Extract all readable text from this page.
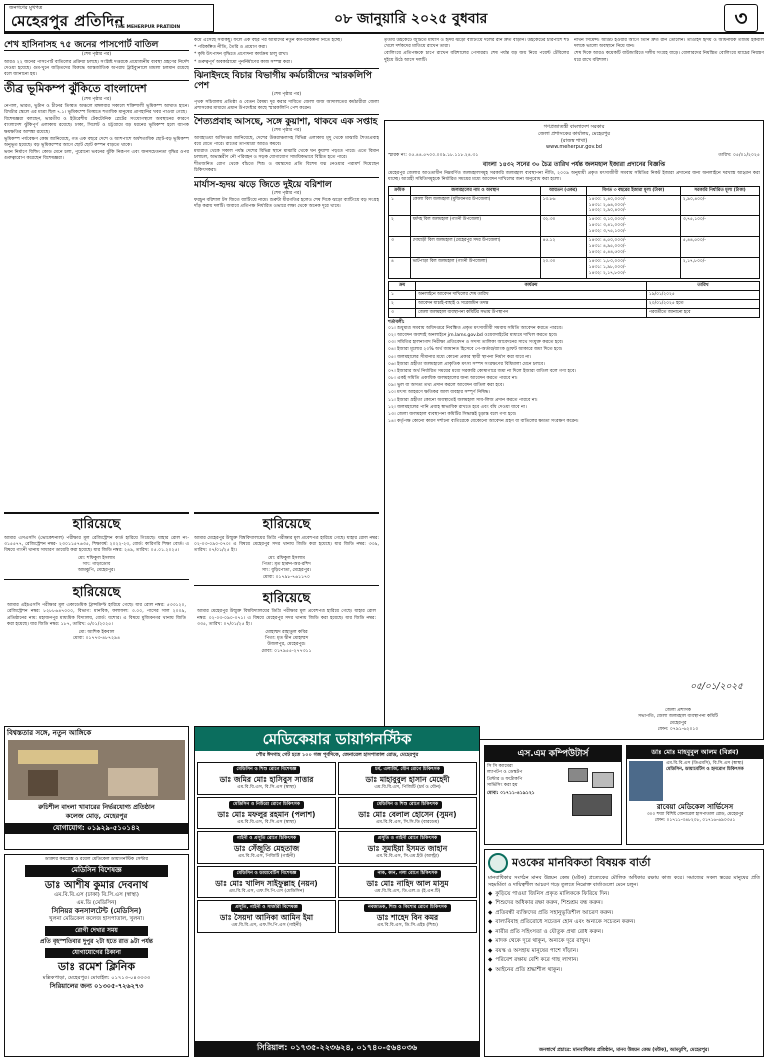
জনগণের মুখপত্র
মেহেরপুর প্রতিদিন
THE MEHERPUR PRATIDIN
০৮ জানুয়ারি ২০২৫ বুধবার	৩
শেখ হাসিনাসহ ৭৫ জনের পাসপোর্ট বাতিল
(শেষ পৃষ্ঠার পর)
আরও ২২ জনের পাসপোর্ট বাতিলের প্রক্রিয়া চলছে। সংশ্লিষ্ট দপ্তরকে প্রয়োজনীয় ব্যবস্থা গ্রহণের নির্দেশ দেওয়া হয়েছে। গুম-খুনে জড়িতদের বিরুদ্ধে আন্তর্জাতিক অপরাধ ট্রাইব্যুনালে মামলা চলমান রয়েছে বলে জানানো হয়।
তীব্র ভূমিকম্প ঝুঁকিতে বাংলাদেশ
(শেষ পৃষ্ঠার পর)
নেপাল, ভারত, ভুটান ও চীনের তিব্বত অঞ্চলে মঙ্গলবার সকালে শক্তিশালী ভূমিকম্প আঘাত হানে। রিখটার স্কেলে এর মাত্রা ছিল ৭.১। ভূমিকম্পে তিব্বতে শতাধিক মানুষের প্রাণহানির খবর পাওয়া গেছে।
বিশেষজ্ঞরা বলছেন, ভারতীয় ও ইউরেশীয় টেকটোনিক প্লেটের সংযোগস্থলে অবস্থানের কারণে বাংলাদেশ ঝুঁকিপূর্ণ এলাকায় রয়েছে। ঢাকা, সিলেট ও চট্টগ্রামে বড় ধরনের ভূমিকম্প হলে ব্যাপক ক্ষয়ক্ষতির আশঙ্কা রয়েছে।
ভূমিকম্প পর্যবেক্ষণ কেন্দ্র জানিয়েছে, গত এক বছরে দেশে ও আশপাশে অর্ধশতাধিক ছোট-বড় ভূমিকম্প অনুভূত হয়েছে। বড় ভূমিকম্পের আগে ছোট ছোট কম্পন বাড়তে থাকে।
ভবন নির্মাণে বিল্ডিং কোড মেনে চলা, পুরোনো ভবনের ঝুঁকি নিরূপণ এবং জনসচেতনতা বৃদ্ধির ওপর গুরুত্বারোপ করেছেন বিশেষজ্ঞরা।
কমে এসেছে সবকিছু। ফলে এক বছর পর আমাদের নতুন কর্মপরিকল্পনা নিতে হচ্ছে।
* পরিকল্পিত নীতি, তৈরি ও প্রয়োগ করা।
* কৃষি উৎপাদন বৃদ্ধিতে প্রণোদনা কার্যক্রম চালু রাখা।
* গুরুত্বপূর্ণ অবকাঠামো পুনর্নির্মাণের কাজ সম্পন্ন করা।
ঝিনাইদহে বিচার বিভাগীয় কর্মচারীদের স্মারকলিপি পেশ
(শেষ পৃষ্ঠার পর)
পৃথক সচিবালয় প্রতিষ্ঠা ও বেতন বৈষম্য দূর করার দাবিতে জেলা জজ আদালতের কর্মচারীরা জেলা প্রশাসকের মাধ্যমে প্রধান উপদেষ্টার কাছে স্মারকলিপি পেশ করেন।
শৈত্যপ্রবাহ আসছে, সঙ্গে কুয়াশা, থাকবে এক সপ্তাহ
(শেষ পৃষ্ঠার পর)
আবহাওয়া অধিদপ্তর জানিয়েছে, দেশের উত্তরাঞ্চলসহ বিভিন্ন এলাকায় মৃদু থেকে মাঝারি শৈত্যপ্রবাহ বয়ে যেতে পারে। রাতের তাপমাত্রা আরও কমবে।
মধ্যরাত থেকে সকাল পর্যন্ত দেশের বিভিন্ন স্থানে মাঝারি থেকে ঘন কুয়াশা পড়তে পারে। এতে বিমান চলাচল, অভ্যন্তরীণ নৌ পরিবহন ও সড়ক যোগাযোগ সাময়িকভাবে বিঘ্নিত হতে পারে।
শীতজনিত রোগ থেকে বাঁচতে শিশু ও বয়স্কদের প্রতি বিশেষ যত্ন নেওয়ার পরামর্শ দিয়েছেন চিকিৎসকরা।
মার্যাস-হৃদয় ঝড়ে জিতে দুইয়ে বরিশাল
(শেষ পৃষ্ঠার পর)
ফরচুন বরিশাল টস জিতে ব্যাটিংয়ে নামে। শুরুটা ধীরগতির হলেও শেষ দিকে ঝড়ো ব্যাটিংয়ে বড় সংগ্রহ দাঁড় করায় দলটি। জবাবে প্রতিপক্ষ নির্ধারিত ওভারে লক্ষ্য থেকে অনেক দূরে থামে।
তৃতীয় উইকেটে জুটিতে মার্যাস ও হৃদয় ঝড়ো ব্যাটিংয়ে দলের রান দ্রুত বাড়ান। উইকেটের চারপাশে শট খেলে দর্শকদের মাতিয়ে রাখেন তারা।
বোলিংয়ে প্রতিপক্ষকে চাপে রাখেন বরিশালের পেসাররা। শেষ পর্যন্ত বড় জয় নিয়ে পয়েন্ট টেবিলের দুইয়ে উঠে আসে দলটি।
নাথন সিমেন্স। আউট হওয়ার আগে তিনি দ্রুত রান তোলেন। তাওহিদ হৃদয় ও অধিনায়ক তামিম ইকবাল দলকে ভালো অবস্থানে নিয়ে যান।
শেষ দিকে আরও কয়েকটি বাউন্ডারিতে দলীয় সংগ্রহ বাড়ে। বোলারদের নিয়ন্ত্রিত বোলিংয়ে ম্যাচের নিয়ন্ত্রণ ধরে রাখে বরিশাল।
গণপ্রজাতন্ত্রী বাংলাদেশ সরকার
জেলা প্রশাসকের কার্যালয়, মেহেরপুর
(রাজস্ব শাখা)
www.meherpur.gov.bd
স্মারক নং: ০৫.৪৪.৫৭০০.০০৯.১৮.১১৮.২৪.৩১	তারিখ: ০৫/০১/২০২৫
বাংলা ১৪৩২ সনের ৩০ চৈত্র তারিখ পর্যন্ত জলমহাল ইজারা প্রদানের বিজ্ঞপ্তি
মেহেরপুর জেলার আওতাধীন নিম্নবর্ণিত জলমহালসমূহ সরকারি জলমহাল ব্যবস্থাপনা নীতি, ২০০৯ অনুযায়ী প্রকৃত মৎস্যজীবী সমবায় সমিতির নিকট ইজারা প্রদানের জন্য অনলাইনে দরখাস্ত আহ্বান করা যাচ্ছে। আগ্রহী সমিতিসমূহকে নির্ধারিত সময়ের মধ্যে আবেদন দাখিলের জন্য অনুরোধ করা হলো।
ক্রমিক	জলমহালের নাম ও অবস্থান	আয়তন (একর)	বিগত ৩ বছরের ইজারা মূল্য (টাকা)	সরকারি নির্ধারিত মূল্য (টাকা)
১	কোলা বিল জলমহাল (মুজিবনগর উপজেলা)	১৩.৮৬	১৪৩০: ২,৪০,০০০/-
১৪৩১: ২,৬৪,০০০/-
১৪৩২: ২,৯০,৪০০/-	২,৯০,৪০০/-
২	ধর্মদহ বিল জলমহাল (গাংনী উপজেলা)	৩২.৩০	১৪৩০: ৩,১০,০০০/-
১৪৩১: ৩,৪১,০০০/-
১৪৩২: ৩,৭৫,১০০/-	৩,৭৫,১০০/-
৩	দোয়াড়ী বিল জলমহাল (মেহেরপুর সদর উপজেলা)	৪৫.১২	১৪৩০: ৪,৫০,০০০/-
১৪৩১: ৪,৯৫,০০০/-
১৪৩২: ৫,৪৪,৫০০/-	৫,৪৪,৫০০/-
৪	ভাটপাড়া বিল জলমহাল (গাংনী উপজেলা)	২০.৩০	১৪৩০: ১,৮০,০০০/-
১৪৩১: ১,৯৮,০০০/-
১৪৩২: ২,১৭,৮০০/-	২,১৭,৮০০/-
ক্রম	কার্যক্রম	তারিখ
১	অনলাইনে আবেদন দাখিলের শেষ তারিখ	১৯/০১/২০২৫
২	আবেদন যাচাই-বাছাই ও সরেজমিন তদন্ত	২০/০১/২০২৫ হতে
৩	জেলা জলমহাল ব্যবস্থাপনা কমিটির সভায় উপস্থাপন	পরবর্তীতে জানানো হবে
শর্তাবলী:
০১। শুধুমাত্র সমবায় অধিদপ্তরে নিবন্ধিত প্রকৃত মৎস্যজীবী সমবায় সমিতি আবেদন করতে পারবে।
০২। আবেদন অবশ্যই অনলাইনে jm.lams.gov.bd ওয়েবসাইটের মাধ্যমে দাখিল করতে হবে।
০৩। সমিতির হালনাগাদ নিরীক্ষা প্রতিবেদন ও সদস্য তালিকা আবেদনের সাথে সংযুক্ত করতে হবে।
০৪। ইজারা মূল্যের ২০% অর্থ জামানত হিসেবে পে-অর্ডার/ব্যাংক ড্রাফট আকারে জমা দিতে হবে।
০৫। জলমহালের সীমানার মধ্যে কোনো প্রকার স্থায়ী স্থাপনা নির্মাণ করা যাবে না।
০৬। ইজারা গ্রহীতা জলমহালে প্রাকৃতিক মৎস্য সম্পদ সংরক্ষণের বিধিমালা মেনে চলবে।
০৭। ইজারার অর্থ নির্ধারিত সময়ের মধ্যে সরকারি কোষাগারে জমা না দিলে ইজারা বাতিল বলে গণ্য হবে।
০৮। একই সমিতি একাধিক জলমহালের জন্য আবেদন করতে পারবে না।
০৯। ভুল বা অসত্য তথ্য প্রদান করলে আবেদন বাতিল করা হবে।
১০। মৎস্য আহরণে ক্ষতিকর জাল ব্যবহার সম্পূর্ণ নিষিদ্ধ।
১১। ইজারা গ্রহীতা কোনো অবস্থাতেই জলমহাল সাব-লিজ প্রদান করতে পারবে না।
১২। জলমহালের পানি প্রবাহ স্বাভাবিক রাখতে হবে এবং বাঁধ দেওয়া যাবে না।
১৩। জেলা জলমহাল ব্যবস্থাপনা কমিটির সিদ্ধান্তই চূড়ান্ত বলে গণ্য হবে।
১৪। কর্তৃপক্ষ কোনো কারণ দর্শানো ব্যতিরেকে যেকোনো আবেদন গ্রহণ বা বাতিলের ক্ষমতা সংরক্ষণ করেন।
০৫/০১/২০২৫
জেলা প্রশাসক
সভাপতি, জেলা জলমহাল ব্যবস্থাপনা কমিটি
মেহেরপুর
ফোন: ০৭৯১-৬২০১০
হারিয়েছে
আমার এসএসসি (ভোকেশনাল) পরীক্ষার মূল রেজিস্ট্রেশন কার্ড হারিয়ে গিয়েছে। যাহার রোল নং- ৩১৫৫৭৭, রেজিস্ট্রেশন নম্বর- ২৩০১১৫৭৬৩৫, শিক্ষাবর্ষ: ২০২২-২৩, বোর্ড: কারিগরি শিক্ষা বোর্ড। এ বিষয়ে গাংনী থানায় সাধারণ ডায়েরি করা হয়েছে। যার জিডি নম্বর: ২৪৯, তারিখ: ০৫.০১.২০২৫।
মো: শফিকুল ইসলাম
সাং: গাড়াডোব
আমঝুপি, মেহেরপুর।
হারিয়েছে
আমার এইচএসসি পরীক্ষার মূল একাডেমিক ট্রান্সক্রিপ্ট হারিয়ে গেছে। যার রোল নম্বর: ৫৩৩১২০, রেজিস্ট্রেশন নম্বর: ৮২৮৮৬৪৭০০০, বিভাগ: মানবিক, ফলাফল: ৩.০০, পাসের সাল ২০০৯, প্রতিষ্ঠানের নাম: মহাজনপুর মাধ্যমিক বিদ্যালয়, বোর্ড: যশোর। এ বিষয়ে মুজিবনগর থানায় জিডি করা হয়েছে। যার জিডি নম্বর: ১৮৭, তারিখ: ৫/০১/২০২৫।
মো: আশিক ইকবাল
মোবা: ০১৭৭৩-৪৮৭২৯৪
হারিয়েছে
আমার মেহেরপুর উন্মুক্ত বিশ্ববিদ্যালয়ের ডিগ্রি পরীক্ষার মূল প্রবেশপত্র হারিয়ে গেছে। যাহার রোল নম্বর: ০২-০৩-০৯০-০৭০। এ বিষয়ে মেহেরপুর সদর থানায় জিডি করা হয়েছে। যার জিডি নম্বর: ৩৩৯, তারিখ: ০৭/০১/২৫ ইং।
মো: রফিকুল ইসলাম
পিতা: মৃত হারুন-অর-রশিদ
সাং: বুড়িপোতা, মেহেরপুর।
মোবা: ০১৭৯৮-৭৬১১৭০
হারিয়েছে
আমার মেহেরপুর উন্মুক্ত বিশ্ববিদ্যালয়ের ডিগ্রি পরীক্ষার মূল প্রবেশপত্র হারিয়ে গেছে। যাহার রোল নম্বর: ০২-০৩-০৯০-০৭১। এ বিষয়ে মেহেরপুর সদর থানায় জিডি করা হয়েছে। যার জিডি নম্বর: ৩৩৫, তারিখ: ০৭/০১/২৫ ইং।
মোহাম্মদ রাহাতুল কবির
পিতা: মৃত দ্বীন মোহাম্মদ
উজলপুর, মেহেরপুর।
মোবা: ০১৭৯৫৫-২৭৭৩১১
বিশ্বস্ততার সঙ্গে, নতুন আঙ্গিকে
রুচিশীল বাংলা খাবারের নির্ভরযোগ্য প্রতিষ্ঠান
কলেজ মোড়, মেহেরপুর
যোগাযোগ: ০১৯২৯-৫১০১৪২
ডাক্তার কমপ্লেক্স ও রয়েল মেডিকেল ডায়াগনস্টিক সেন্টার
মেডিসিন বিশেষজ্ঞ
ডাঃ আশীষ কুমার দেবনাথ
এম.বি.বি.এস (ঢাকা) বি.সি.এস (স্বাস্থ্য)
এম.ডি (মেডিসিন)
সিনিয়র কনসালটেন্ট (মেডিসিন)
খুলনা মেডিকেল কলেজ হাসপাতাল, খুলনা।
রোগী দেখার সময়
প্রতি বৃহস্পতিবার দুপুর ২টা হতে রাত ৯টা পর্যন্ত
যোগাযোগের ঠিকানা
ডাঃ রমেশ ক্লিনিক
মল্লিকপাড়া, মেহেরপুর। মোবাইল: ০১৭১৩-০৪৩৩৩৩
সিরিয়ালের জন্য ০১৩০৫-৭২৬২৭৩
মেডিকেয়ার ডায়াগনস্টিক
পৌর ঈদগাহ গেট হতে ১০০ গজ পূর্বদিকে, জেনারেল হাসপাতাল রোড, মেহেরপুর
মেডিসিন ও শিশু রোগে বিশেষজ্ঞ
ডাঃ জমির মোঃ হাসিবুস সাত্তার
এম.বি.বি.এস, বি.সি.এস (স্বাস্থ্য)
চর্ম, এলার্জি, যৌন রোগে চিকিৎসক
ডাঃ মাহাবুবুল হাসান মেহেদী
এম.বি.বি.এস, পিজিটি (চর্ম ও যৌন)
মেডিসিন ও নিউরো রোগে চিকিৎসক
ডাঃ মোঃ মফলুর রহমান (পলাশ)
এম.বি.বি.এস, বি.সি.এস (স্বাস্থ্য)
মেডিসিন ও শিশু রোগে চিকিৎসক
ডাঃ মোঃ বেলাল হোসেন (সুমন)
এম.বি.বি.এস, সি.সি.ডি (বারডেম)
গাইনী ও প্রসূতি রোগে চিকিৎসক
ডাঃ সেঁজুতি মেহতাজ
এম.বি.বি.এস, পিজিটি (গাইনী)
প্রসূতি ও গাইনী রোগে চিকিৎসক
ডাঃ সুমাইয়া ইসমত জাহান
এম.বি.বি.এস, সি.এম.ইউ (আল্ট্রা)
মেডিসিন ও ডায়াবেটিস বিশেষজ্ঞ
ডাঃ মোঃ খালিদ সাইফুল্লাহ (নয়ন)
এম.বি.বি.এস, এফ.সি.পি.এস (মেডিসিন)
নাক, কান, গলা রোগে চিকিৎসক
ডাঃ মোঃ নাহিদ আল মাসুম
এম.বি.বি.এস, ডি.এল.ও (ই.এন.টি)
প্রসূতি, গাইনী ও সার্জারী বিশেষজ্ঞ
ডাঃ সৈয়দা আনিকা আমিন ইমা
এম.বি.বি.এস, এফ.সি.পি.এস (গাইনী)
নবজাতক, শিশু ও কিশোর রোগে চিকিৎসক
ডাঃ শাহেদ বিন কমর
এম.বি.বি.এস, ডি.সি.এইচ (শিশু)
সিরিয়াল: ০১৭৩৫-২২৩৬২৪, ০১৭৪০-৫৬৪০৩৬
এস.এম কম্পিউটার্স
সি সি ক্যামেরা
ল্যাপটপ ও ডেস্কটপ
প্রিন্টার ও ফটোকপি
সার্ভিসিং করা হয়
মোবা: ০১৭১১-৪১৯১২১
ডাঃ মোঃ মাহবুবুল আলম (বিপ্লব)
এম.বি.বি.এস (ডিএমসি), বি.সি.এস (স্বাস্থ্য)
মেডিসিন, ডায়াবেটিস ও হৃদরোগ চিকিৎসক
রাবেয়া মেডিকেল সার্ভিসেস
৩০০ শয্যা বিশিষ্ট জেনারেল হাসপাতাল রোড, মেহেরপুর
ফোন: ০১৭১১-৩৪৮২০৮, ০১৭১৬-৬৯০৩৫১
মওকের মানবিকতা বিষয়ক বার্তা
মানবাধিকার সংগঠন মানব উন্নয়ন কেন্দ্র (মউক) প্রত্যেকের মৌলিক অধিকার রক্ষায় কাজ করে। সমাজের সকল স্তরের মানুষের প্রতি সহমর্মিতা ও দায়িত্বশীল আচরণ গড়ে তুলতে নিম্নোক্ত বার্তাগুলো মেনে চলুন।
◆ কুড়িয়ে পাওয়া জিনিস প্রকৃত মালিককে ফিরিয়ে দিন।
◆ শিশুদের অধিকার রক্ষা করুন, শিশুশ্রম বন্ধ করুন।
◆ প্রতিবন্ধী ব্যক্তিদের প্রতি সহানুভূতিশীল আচরণ করুন।
◆ বাল্যবিবাহ প্রতিরোধে সচেতন হোন এবং অন্যকে সচেতন করুন।
◆ নারীর প্রতি সহিংসতা ও যৌতুক প্রথা রোধ করুন।
◆ মাদক থেকে দূরে থাকুন, অন্যকে দূরে রাখুন।
◆ বয়স্ক ও অসহায় মানুষের পাশে দাঁড়ান।
◆ পরিবেশ রক্ষায় বেশি করে গাছ লাগান।
◆ আইনের প্রতি শ্রদ্ধাশীল থাকুন।
জনস্বার্থে প্রচারে: মানবাধিকার প্রতিষ্ঠান, মানব উন্নয়ন কেন্দ্র (মউক), আমঝুপি, মেহেরপুর।
